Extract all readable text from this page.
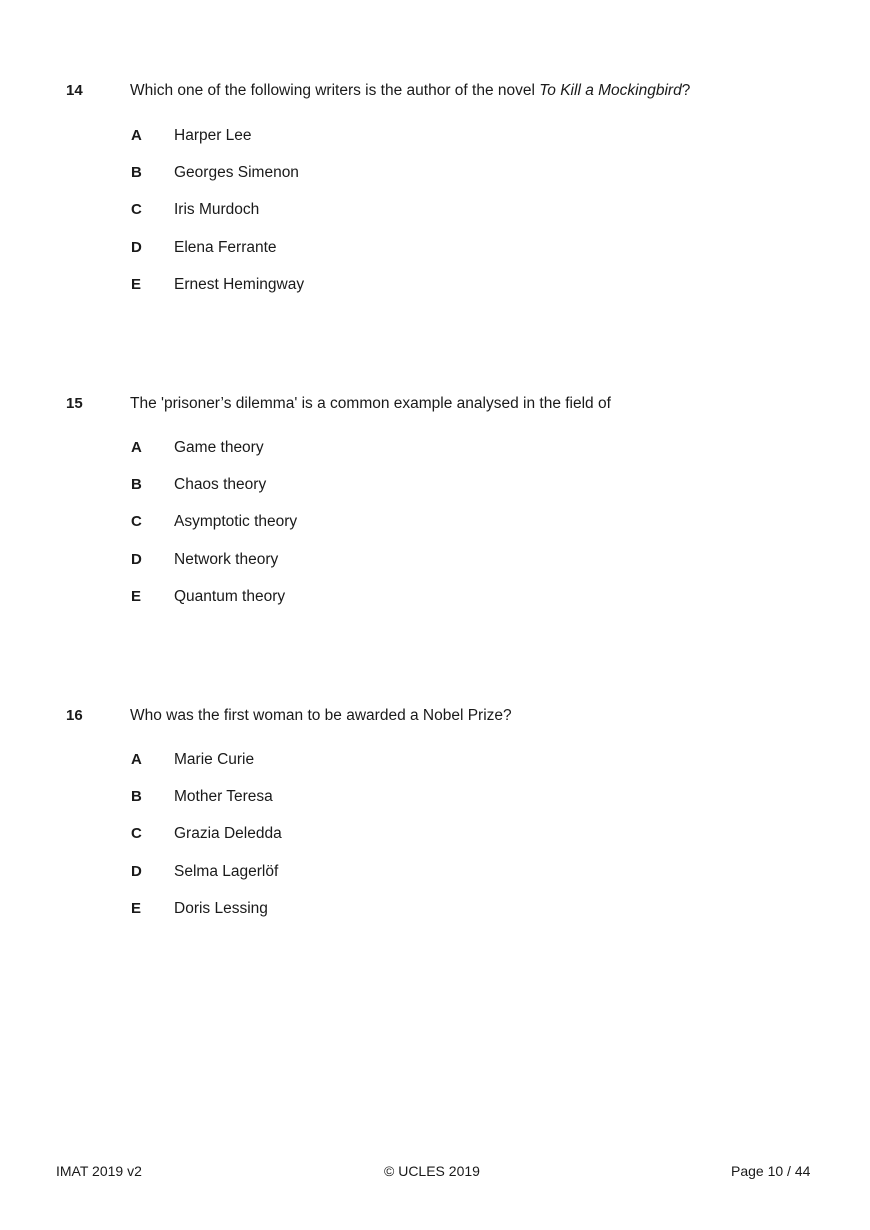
14	Which one of the following writers is the author of the novel To Kill a Mockingbird?
A Harper Lee
B Georges Simenon
C Iris Murdoch
D Elena Ferrante
E Ernest Hemingway
15	The 'prisoner’s dilemma' is a common example analysed in the field of
A Game theory
B Chaos theory
C Asymptotic theory
D Network theory
E Quantum theory
16	Who was the first woman to be awarded a Nobel Prize?
A Marie Curie
B Mother Teresa
C Grazia Deledda
D Selma Lagerlöf
E Doris Lessing
IMAT 2019 v2	© UCLES 2019	Page 10 / 44
